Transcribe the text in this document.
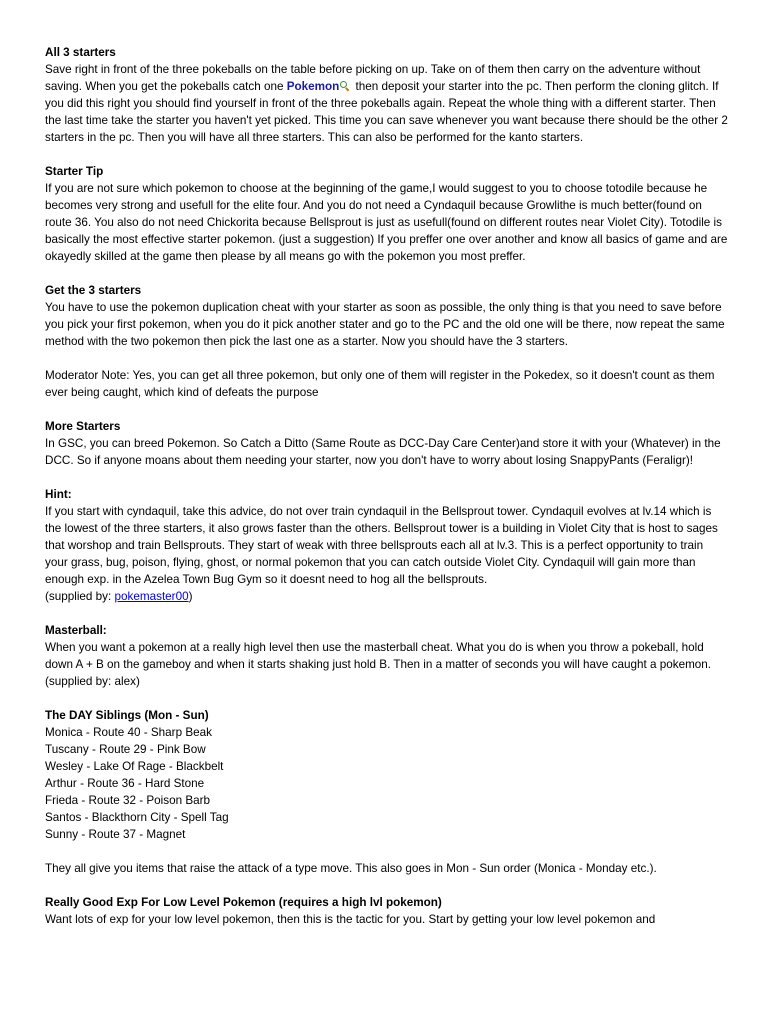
All 3 starters
Save right in front of the three pokeballs on the table before picking on up. Take on of them then carry on the adventure without saving. When you get the pokeballs catch one Pokemon
then deposit your starter into the pc. Then perform the cloning glitch. If you did this right you should find yourself in front of the three pokeballs again. Repeat the whole thing with a different starter. Then the last time take the starter you haven't yet picked. This time you can save whenever you want because there should be the other 2 starters in the pc. Then you will have all three starters. This can also be performed for the kanto starters.
Starter Tip
If you are not sure which pokemon to choose at the beginning of the game,I would suggest to you to choose totodile because he becomes very strong and usefull for the elite four. And you do not need a Cyndaquil because Growlithe is much better(found on route 36. You also do not need Chickorita because Bellsprout is just as usefull(found on different routes near Violet City). Totodile is basically the most effective starter pokemon. (just a suggestion) If you preffer one over another and know all basics of game and are okayedly skilled at the game then please by all means go with the pokemon you most preffer.
Get the 3 starters
You have to use the pokemon duplication cheat with your starter as soon as possible, the only thing is that you need to save before you pick your first pokemon, when you do it pick another stater and go to the PC and the old one will be there, now repeat the same method with the two pokemon then pick the last one as a starter. Now you should have the 3 starters.
Moderator Note: Yes, you can get all three pokemon, but only one of them will register in the Pokedex, so it doesn't count as them ever being caught, which kind of defeats the purpose
More Starters
In GSC, you can breed Pokemon. So Catch a Ditto (Same Route as DCC-Day Care Center)and store it with your (Whatever) in the DCC. So if anyone moans about them needing your starter, now you don't have to worry about losing SnappyPants (Feraligr)!
Hint:
If you start with cyndaquil, take this advice, do not over train cyndaquil in the Bellsprout tower. Cyndaquil evolves at lv.14 which is the lowest of the three starters, it also grows faster than the others. Bellsprout tower is a building in Violet City that is host to sages that worshop and train Bellsprouts. They start of weak with three bellsprouts each all at lv.3. This is a perfect opportunity to train your grass, bug, poison, flying, ghost, or normal pokemon that you can catch outside Violet City. Cyndaquil will gain more than enough exp. in the Azelea Town Bug Gym so it doesnt need to hog all the bellsprouts.
(supplied by: pokemaster00)
Masterball:
When you want a pokemon at a really high level then use the masterball cheat. What you do is when you throw a pokeball, hold down A + B on the gameboy and when it starts shaking just hold B. Then in a matter of seconds you will have caught a pokemon.
(supplied by: alex)
The DAY Siblings (Mon - Sun)
Monica - Route 40 - Sharp Beak
Tuscany - Route 29 - Pink Bow
Wesley - Lake Of Rage - Blackbelt
Arthur - Route 36 - Hard Stone
Frieda - Route 32 - Poison Barb
Santos - Blackthorn City - Spell Tag
Sunny - Route 37 - Magnet
They all give you items that raise the attack of a type move. This also goes in Mon - Sun order (Monica - Monday etc.).
Really Good Exp For Low Level Pokemon (requires a high lvl pokemon)
Want lots of exp for your low level pokemon, then this is the tactic for you. Start by getting your low level pokemon and
